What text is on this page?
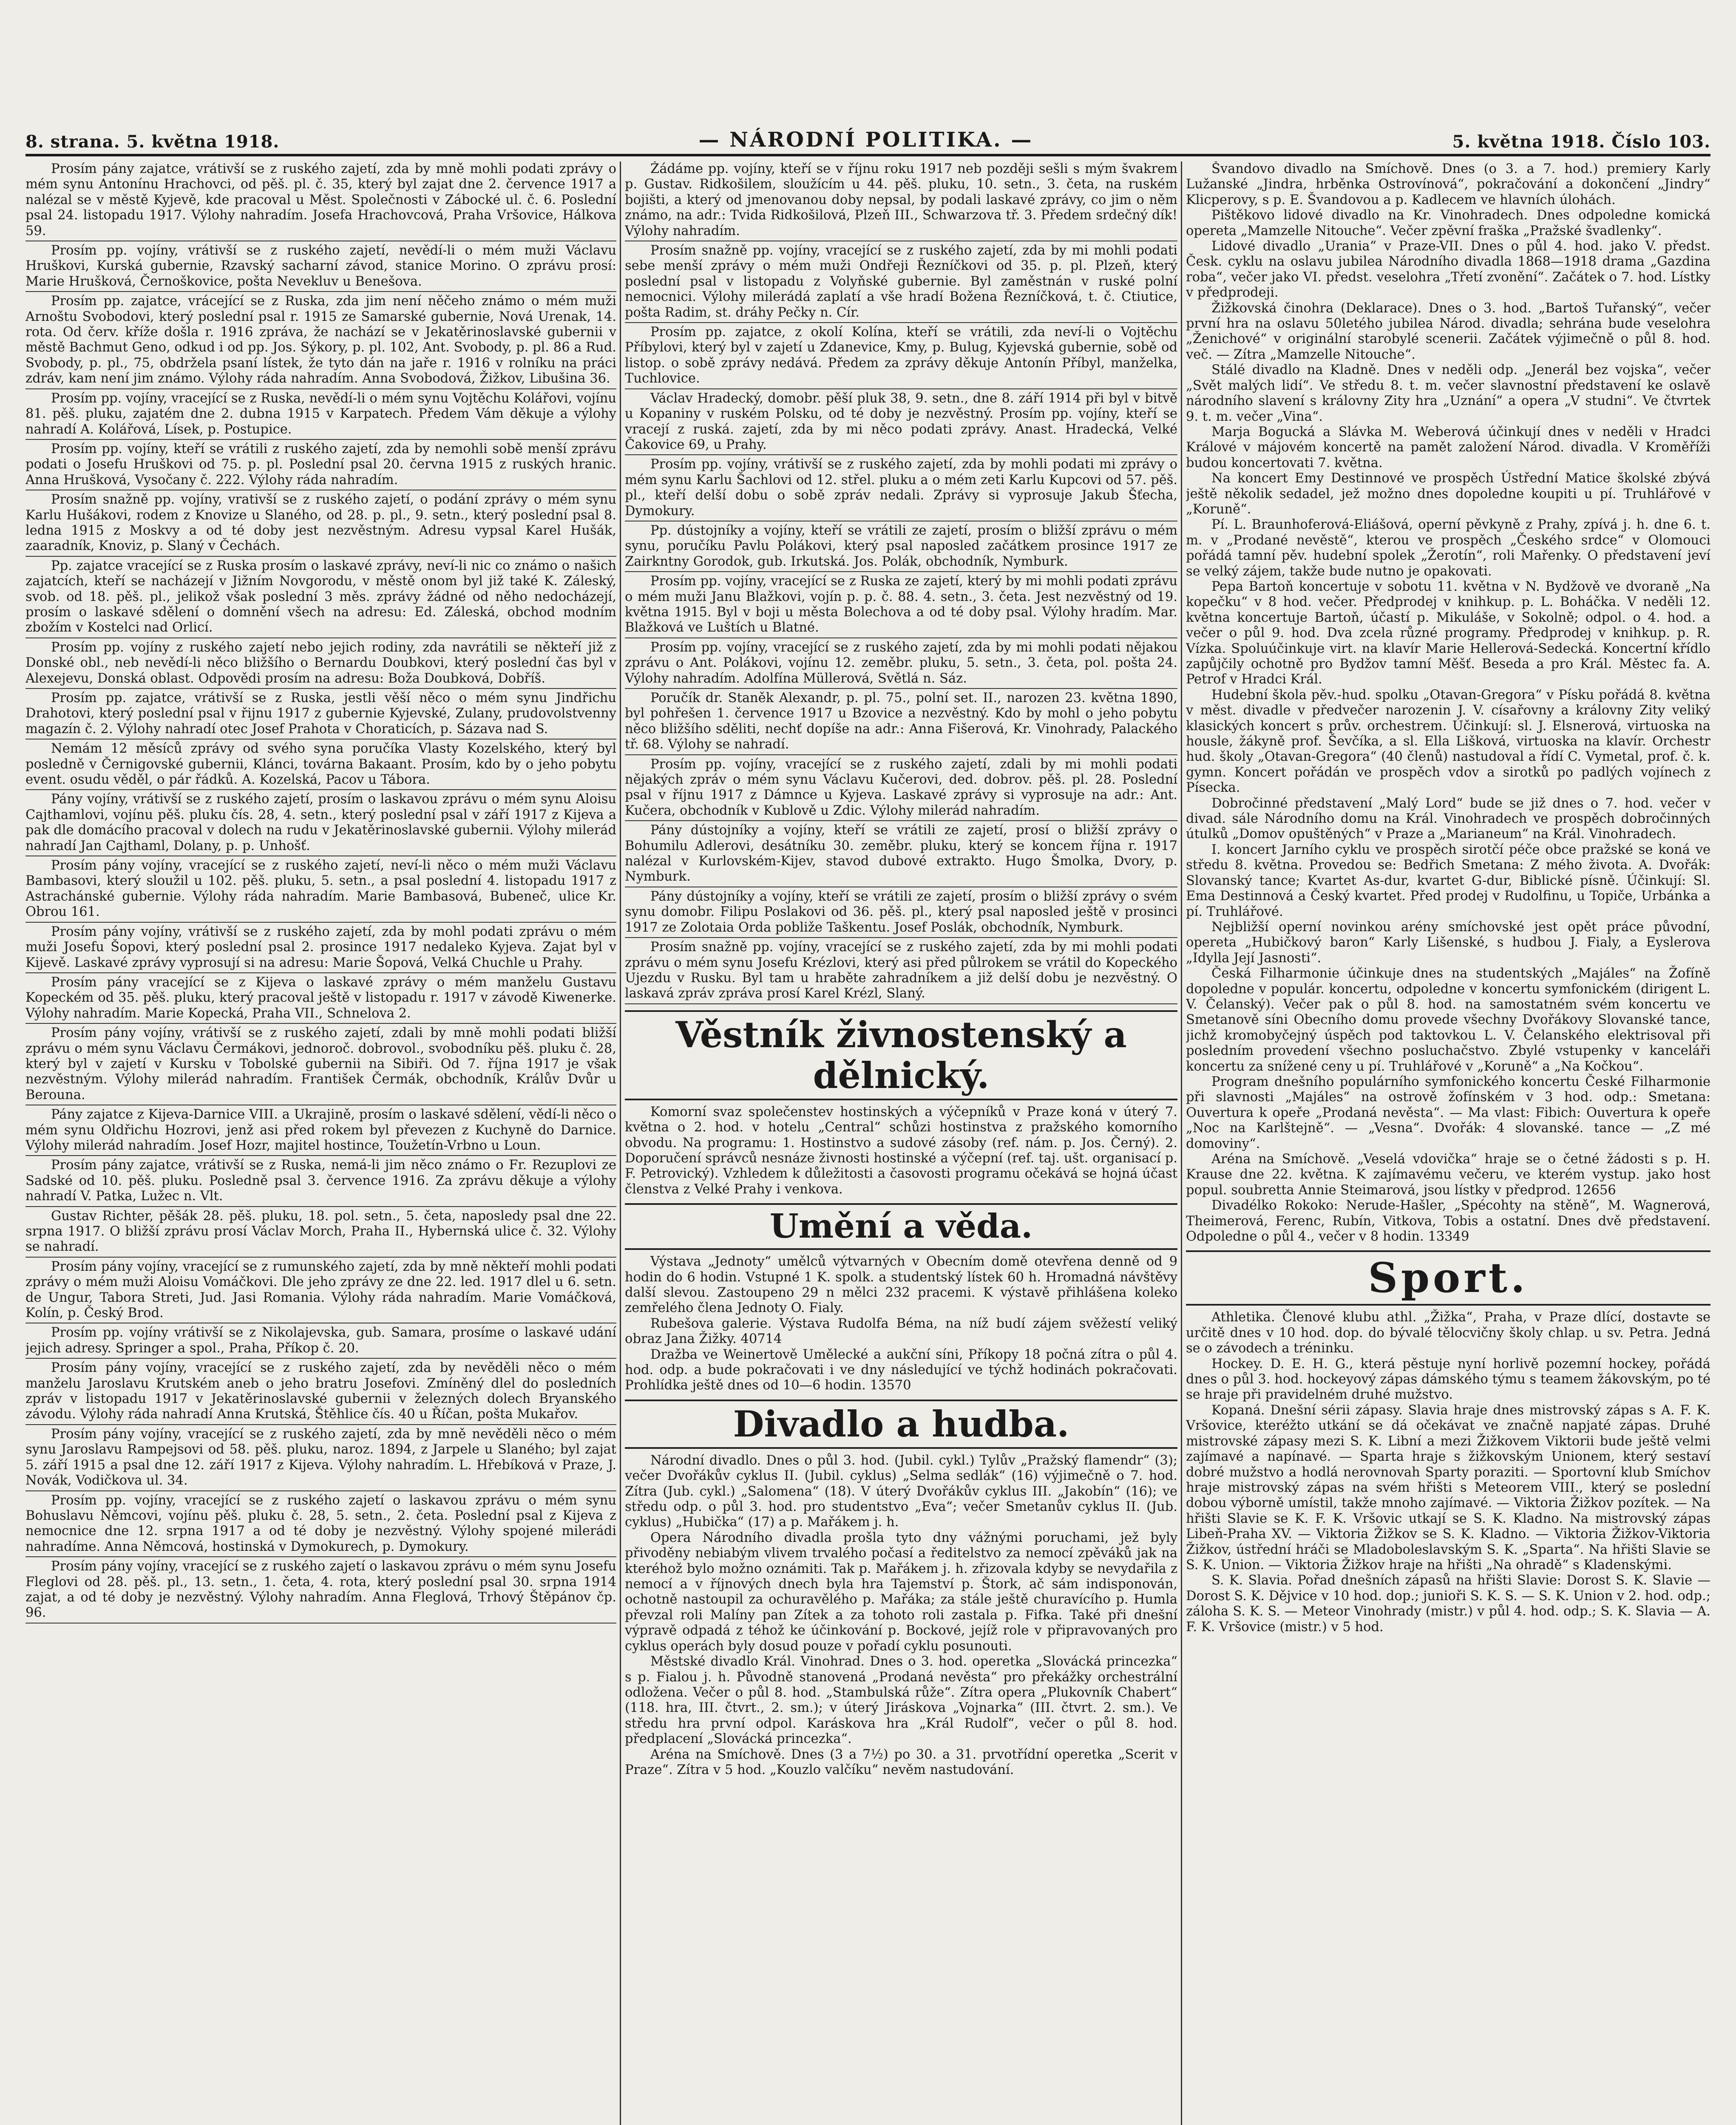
8. strana. 5. května 1918.	— NÁRODNÍ POLITIKA. —	5. května 1918. Číslo 103.

Prosím pány zajatce, vrátivší se z ruského zajetí, zda by mně mohli podati zprávy o mém synu Antonínu Hrachovci, od pěš. pl. č. 35, který byl zajat dne 2. července 1917 a nalézal se v městě Kyjevě, kde pracoval u Měst. Společnosti v Zábocké ul. č. 6. Poslední psal 24. listopadu 1917. Výlohy nahradím. Josefa Hrachovcová, Praha Vršovice, Hálkova 59.

Prosím pp. vojíny, vrátivší se z ruského zajetí, nevědí-li o mém muži Václavu Hruškovi, Kurská gubernie, Rzavský sacharní závod, stanice Morino. O zprávu prosí: Marie Hrušková, Černoškovice, pošta Nevekluv u Benešova.

Prosím pp. zajatce, vrácející se z Ruska, zda jim není něčeho známo o mém muži Arnoštu Svobodovi, který poslední psal r. 1915 ze Samarské gubernie, Nová Urenak, 14. rota. Od červ. kříže došla r. 1916 zpráva, že nachází se v Jekatěrinoslavské gubernii v městě Bachmut Geno, odkud i od pp. Jos. Sýkory, p. pl. 102, Ant. Svobody, p. pl. 86 a Rud. Svobody, p. pl., 75, obdržela psaní lístek, že tyto dán na jaře r. 1916 v rolníku na práci zdráv, kam není jim známo. Výlohy ráda nahradím. Anna Svobodová, Žižkov, Libušina 36.

Prosím pp. vojíny, vracející se z Ruska, nevědí-li o mém synu Vojtěchu Kolářovi, vojínu 81. pěš. pluku, zajatém dne 2. dubna 1915 v Karpatech. Předem Vám děkuje a výlohy nahradí A. Kolářová, Lísek, p. Postupice.

Prosím pp. vojíny, kteří se vrátili z ruského zajetí, zda by nemohli sobě menší zprávu podati o Josefu Hruškovi od 75. p. pl. Poslední psal 20. června 1915 z ruských hranic. Anna Hrušková, Vysočany č. 222. Výlohy ráda nahradím.

Prosím snažně pp. vojíny, vrativší se z ruského zajetí, o podání zprávy o mém synu Karlu Hušákovi, rodem z Knovize u Slaného, od 28. p. pl., 9. setn., který poslední psal 8. ledna 1915 z Moskvy a od té doby jest nezvěstným. Adresu vypsal Karel Hušák, zaaradník, Knoviz, p. Slaný v Čechách.

Pp. zajatce vracející se z Ruska prosím o laskavé zprávy, neví-li nic co známo o našich zajatcích, kteří se nacházejí v Jižním Novgorodu, v městě onom byl již také K. Záleský, svob. od 18. pěš. pl., jelikož však poslední 3 měs. zprávy žádné od něho nedocházejí, prosím o laskavé sdělení o domnění všech na adresu: Ed. Záleská, obchod modním zbožím v Kostelci nad Orlicí.

Prosím pp. vojíny z ruského zajetí nebo jejich rodiny, zda navrátili se někteří již z Donské obl., neb nevědí-li něco bližšího o Bernardu Doubkovi, který poslední čas byl v Alexejevu, Donská oblast. Odpovědi prosím na adresu: Boža Doubková, Dobříš.

Prosím pp. zajatce, vrátivší se z Ruska, jestli věší něco o mém synu Jindřichu Drahotovi, který poslední psal v řijnu 1917 z gubernie Kyjevské, Zulany, prudovolstvenny magazín č. 2. Výlohy nahradí otec Josef Prahota v Choraticích, p. Sázava nad S.

Nemám 12 měsíců zprávy od svého syna poručíka Vlasty Kozelského, který byl posledně v Černigovské gubernii, Klánci, továrna Bakaant. Prosím, kdo by o jeho pobytu event. osudu věděl, o pár řádků. A. Kozelská, Pacov u Tábora.

Pány vojíny, vrátivší se z ruského zajetí, prosím o laskavou zprávu o mém synu Aloisu Cajthamlovi, vojínu pěš. pluku čís. 28, 4. setn., který poslední psal v září 1917 z Kijeva a pak dle domácího pracoval v dolech na rudu v Jekatěrinoslavské gubernii. Výlohy milerád nahradí Jan Cajthaml, Dolany, p. p. Unhošť.

Prosím pány vojíny, vracející se z ruského zajetí, neví-li něco o mém muži Václavu Bambasovi, který sloužil u 102. pěš. pluku, 5. setn., a psal poslední 4. listopadu 1917 z Astrachánské gubernie. Výlohy ráda nahradím. Marie Bambasová, Bubeneč, ulice Kr. Obrou 161.

Prosím pány vojíny, vrátivší se z ruského zajetí, zda by mohl podati zprávu o mém muži Josefu Šopovi, který poslední psal 2. prosince 1917 nedaleko Kyjeva. Zajat byl v Kijevě. Laskavé zprávy vyprosují si na adresu: Marie Šopová, Velká Chuchle u Prahy.

Prosím pány vracející se z Kijeva o laskavé zprávy o mém manželu Gustavu Kopeckém od 35. pěš. pluku, který pracoval ještě v listopadu r. 1917 v závodě Kiwenerke. Výlohy nahradím. Marie Kopecká, Praha VII., Schnelova 2.

Prosím pány vojíny, vrátivší se z ruského zajetí, zdali by mně mohli podati bližší zprávu o mém synu Václavu Čermákovi, jednoroč. dobrovol., svobodníku pěš. pluku č. 28, který byl v zajetí v Kursku v Tobolské gubernii na Sibiři. Od 7. října 1917 je však nezvěstným. Výlohy milerád nahradím. František Čermák, obchodník, Králův Dvůr u Berouna.

Pány zajatce z Kijeva-Darnice VIII. a Ukrajině, prosím o laskavé sdělení, vědí-li něco o mém synu Oldřichu Hozrovi, jenž asi před rokem byl převezen z Kuchyně do Darnice. Výlohy milerád nahradím. Josef Hozr, majitel hostince, Toužetín-Vrbno u Loun.

Prosím pány zajatce, vrátivší se z Ruska, nemá-li jim něco známo o Fr. Rezuplovi ze Sadské od 10. pěš. pluku. Posledně psal 3. července 1916. Za zprávu děkuje a výlohy nahradí V. Patka, Lužec n. Vlt.

Gustav Richter, pěšák 28. pěš. pluku, 18. pol. setn., 5. četa, naposledy psal dne 22. srpna 1917. O bližší zprávu prosí Václav Morch, Praha II., Hybernská ulice č. 32. Výlohy se nahradí.

Prosím pány vojíny, vracející se z rumunského zajetí, zda by mně někteří mohli podati zprávy o mém muži Aloisu Vomáčkovi. Dle jeho zprávy ze dne 22. led. 1917 dlel u 6. setn. de Ungur, Tabora Streti, Jud. Jasi Romania. Výlohy ráda nahradím. Marie Vomáčková, Kolín, p. Český Brod.

Prosím pp. vojíny vrátivší se z Nikolajevska, gub. Samara, prosíme o laskavé udání jejich adresy. Springer a spol., Praha, Příkop č. 20.

Prosím pány vojíny, vracející se z ruského zajetí, zda by nevěděli něco o mém manželu Jaroslavu Krutském aneb o jeho bratru Josefovi. Zmíněný dlel do posledních zpráv v listopadu 1917 v Jekatěrinoslavské gubernii v železných dolech Bryanského závodu. Výlohy ráda nahradí Anna Krutská, Štěhlice čís. 40 u Říčan, pošta Mukařov.

Prosím pány vojíny, vracející se z ruského zajetí, zda by mně nevěděli něco o mém synu Jaroslavu Rampejsovi od 58. pěš. pluku, naroz. 1894, z Jarpele u Slaného; byl zajat 5. září 1915 a psal dne 12. září 1917 z Kijeva. Výlohy nahradím. L. Hřebíková v Praze, J. Novák, Vodičkova ul. 34.

Prosím pp. vojíny, vracející se z ruského zajetí o laskavou zprávu o mém synu Bohuslavu Němcovi, vojínu pěš. pluku č. 28, 5. setn., 2. četa. Poslední psal z Kijeva z nemocnice dne 12. srpna 1917 a od té doby je nezvěstný. Výlohy spojené milerádi nahradíme. Anna Němcová, hostinská v Dymokurech, p. Dymokury.

Prosím pány vojíny, vracející se z ruského zajetí o laskavou zprávu o mém synu Josefu Fleglovi od 28. pěš. pl., 13. setn., 1. četa, 4. rota, který poslední psal 30. srpna 1914 zajat, a od té doby je nezvěstný. Výlohy nahradím. Anna Fleglová, Trhový Štěpánov čp. 96.

Žádáme pp. vojíny, kteří se v říjnu roku 1917 neb později sešli s mým švakrem p. Gustav. Ridkošilem, sloužícím u 44. pěš. pluku, 10. setn., 3. četa, na ruském bojišti, a který od jmenovanou doby nepsal, by podali laskavé zprávy, co jim o něm známo, na adr.: Tvida Ridkošilová, Plzeň III., Schwarzova tř. 3. Předem srdečný dík! Výlohy nahradím.

Prosím snažně pp. vojíny, vracející se z ruského zajetí, zda by mi mohli podati sebe menší zprávy o mém muži Ondřeji Řezníčkovi od 35. p. pl. Plzeň, který poslední psal v listopadu z Volyňské gubernie. Byl zaměstnán v ruské polní nemocnici. Výlohy milerádá zaplatí a vše hradí Božena Řezníčková, t. č. Ctiutice, pošta Radim, st. dráhy Pečky n. Cír.

Prosím pp. zajatce, z okolí Kolína, kteří se vrátili, zda neví-li o Vojtěchu Příbylovi, který byl v zajetí u Zdanevice, Kmy, p. Bulug, Kyjevská gubernie, sobě od listop. o sobě zprávy nedává. Předem za zprávy děkuje Antonín Příbyl, manželka, Tuchlovice.

Václav Hradecký, domobr. pěší pluk 38, 9. setn., dne 8. září 1914 při byl v bitvě u Kopaniny v ruském Polsku, od té doby je nezvěstný. Prosím pp. vojíny, kteří se vracejí z ruská. zajetí, zda by mi něco podati zprávy. Anast. Hradecká, Velké Čakovice 69, u Prahy.

Prosím pp. vojíny, vrátivší se z ruského zajetí, zda by mohli podati mi zprávy o mém synu Karlu Šachlovi od 12. střel. pluku a o mém zeti Karlu Kupcovi od 57. pěš. pl., kteří delší dobu o sobě zpráv nedali. Zprávy si vyprosuje Jakub Šťecha, Dymokury.

Pp. dústojníky a vojíny, kteří se vrátili ze zajetí, prosím o bližší zprávu o mém synu, poručíku Pavlu Polákovi, který psal naposled začátkem prosince 1917 ze Zairkntny Gorodok, gub. Irkutská. Jos. Polák, obchodník, Nymburk.

Prosím pp. vojíny, vracející se z Ruska ze zajetí, který by mi mohli podati zprávu o mém muži Janu Blažkovi, vojín p. p. č. 88. 4. setn., 3. četa. Jest nezvěstný od 19. května 1915. Byl v boji u města Bolechova a od té doby psal. Výlohy hradím. Mar. Blažková ve Luštích u Blatné.

Prosím pp. vojíny, vracející se z ruského zajetí, zda by mi mohli podati nějakou zprávu o Ant. Polákovi, vojínu 12. zeměbr. pluku, 5. setn., 3. četa, pol. pošta 24. Výlohy nahradím. Adolfína Müllerová, Světlá n. Sáz.

Poručík dr. Staněk Alexandr, p. pl. 75., polní set. II., narozen 23. května 1890, byl pohřešen 1. července 1917 u Bzovice a nezvěstný. Kdo by mohl o jeho pobytu něco bližšího sděliti, nechť dopíše na adr.: Anna Fišerová, Kr. Vinohrady, Palackého tř. 68. Výlohy se nahradí.

Prosím pp. vojíny, vracející se z ruského zajetí, zdali by mi mohli podati nějakých zpráv o mém synu Václavu Kučerovi, ded. dobrov. pěš. pl. 28. Poslední psal v říjnu 1917 z Dámnce u Kyjeva. Laskavé zprávy si vyprosuje na adr.: Ant. Kučera, obchodník v Kublově u Zdic. Výlohy milerád nahradím.

Pány dústojníky a vojíny, kteří se vrátili ze zajetí, prosí o bližší zprávy o Bohumilu Adlerovi, desátníku 30. zeměbr. pluku, který se koncem října r. 1917 nalézal v Kurlovském-Kijev, stavod dubové extrakto. Hugo Šmolka, Dvory, p. Nymburk.

Pány dústojníky a vojíny, kteří se vrátili ze zajetí, prosím o bližší zprávy o svém synu domobr. Filipu Poslakovi od 36. pěš. pl., který psal naposled ještě v prosinci 1917 ze Zolotaia Orda pobliže Taškentu. Josef Poslák, obchodník, Nymburk.

Prosím snažně pp. vojíny, vracející se z ruského zajetí, zda by mi mohli podati zprávu o mém synu Josefu Krézlovi, který asi před půlrokem se vrátil do Kopeckého Ujezdu v Rusku. Byl tam u hraběte zahradníkem a již delší dobu je nezvěstný. O laskavá zpráv zpráva prosí Karel Krézl, Slaný.

Věstník živnostenský a dělnický.

Komorní svaz společenstev hostinských a výčepníků v Praze koná v úterý 7. května o 2. hod. v hotelu „Central“ schůzi hostinstva z pražského komorního obvodu. Na programu: 1. Hostinstvo a sudové zásoby (ref. nám. p. Jos. Černý). 2. Doporučení správců nesnáze živnosti hostinské a výčepní (ref. taj. ušt. organisací p. F. Petrovický). Vzhledem k důležitosti a časovosti programu očekává se hojná účast členstva z Velké Prahy i venkova.

Umění a věda.

Výstava „Jednoty“ umělců výtvarných v Obecním domě otevřena denně od 9 hodin do 6 hodin. Vstupné 1 K. spolk. a studentský lístek 60 h. Hromadná návštěvy další slevou. Zastoupeno 29 n mělci 232 pracemi. K výstavě přihlášena koleko zemřelého člena Jednoty O. Fialy.

Rubešova galerie. Výstava Rudolfa Béma, na níž budí zájem svěžestí veliký obraz Jana Žižky. 40714

Dražba ve Weinertově Umělecké a aukční síni, Příkopy 18 počná zítra o půl 4. hod. odp. a bude pokračovati i ve dny následující ve týchž hodinách pokračovati. Prohlídka ještě dnes od 10—6 hodin. 13570

Divadlo a hudba.

Národní divadlo. Dnes o půl 3. hod. (Jubil. cykl.) Tylův „Pražský flamendr“ (3); večer Dvořákův cyklus II. (Jubil. cyklus) „Selma sedlák“ (16) výjimečně o 7. hod. Zítra (Jub. cykl.) „Salomena“ (18). V úterý Dvořákův cyklus III. „Jakobín“ (16); ve středu odp. o půl 3. hod. pro studentstvo „Eva“; večer Smetanův cyklus II. (Jub. cyklus) „Hubička“ (17) a p. Mařákem j. h.

Opera Národního divadla prošla tyto dny vážnými poruchami, jež byly přivoděny nebiabým vlivem trvalého počasí a ředitelstvo za nemocí zpěváků jak na kteréhož bylo možno oznámiti. Tak p. Mařákem j. h. zřizovala kdyby se nevydařila z nemocí a v říjnových dnech byla hra Tajemství p. Štork, ač sám indisponován, ochotně nastoupil za ochuravělého p. Mařáka; za stále ještě churavícího p. Humla převzal roli Malíny pan Zítek a za tohoto roli zastala p. Fifka. Také při dnešní výpravě odpadá z téhož ke účinkování p. Bockové, jejíž role v připravovaných pro cyklus operách byly dosud pouze v pořadí cyklu posunouti.

Městské divadlo Král. Vinohrad. Dnes o 3. hod. operetka „Slovácká princezka“ s p. Fialou j. h. Původně stanovená „Prodaná nevěsta“ pro překážky orchestrální odložena. Večer o půl 8. hod. „Stambulská růže“. Zítra opera „Plukovník Chabert“ (118. hra, III. čtvrt., 2. sm.); v úterý Jiráskova „Vojnarka“ (III. čtvrt. 2. sm.). Ve středu hra první odpol. Karáskova hra „Král Rudolf“, večer o půl 8. hod. předplacení „Slovácká princezka“.

Aréna na Smíchově. Dnes (3 a 7½) po 30. a 31. prvotřídní operetka „Scerit v Praze“. Zítra v 5 hod. „Kouzlo valčíku“ nevěm nastudování.

Švandovo divadlo na Smíchově. Dnes (o 3. a 7. hod.) premiery Karly Lužanské „Jindra, hrběnka Ostrovínová“, pokračování a dokončení „Jindry“ Klicperovy, s p. E. Švandovou a p. Kadlecem ve hlavních úlohách.

Pištěkovo lidové divadlo na Kr. Vinohradech. Dnes odpoledne komická opereta „Mamzelle Nitouche“. Večer zpěvní fraška „Pražské švadlenky“.

Lidové divadlo „Urania“ v Praze-VII. Dnes o půl 4. hod. jako V. předst. Česk. cyklu na oslavu jubilea Národního divadla 1868—1918 drama „Gazdina roba“, večer jako VI. předst. veselohra „Třetí zvonění“. Začátek o 7. hod. Lístky v předprodeji.

Žižkovská činohra (Deklarace). Dnes o 3. hod. „Bartoš Tuřanský“, večer první hra na oslavu 50letého jubilea Národ. divadla; sehrána bude veselohra „Ženichové“ v originální starobylé scenerii. Začátek výjimečně o půl 8. hod. več. — Zítra „Mamzelle Nitouche“.

Stálé divadlo na Kladně. Dnes v neděli odp. „Jenerál bez vojska“, večer „Svět malých lidí“. Ve středu 8. t. m. večer slavnostní představení ke oslavě národního slavení s královny Zity hra „Uznání“ a opera „V studni“. Ve čtvrtek 9. t. m. večer „Vina“.

Marja Bogucká a Slávka M. Weberová účinkují dnes v neděli v Hradci Králové v májovém koncertě na pamět založení Národ. divadla. V Kroměříži budou koncertovati 7. května.

Na koncert Emy Destinnové ve prospěch Ústřední Matice školské zbývá ještě několik sedadel, jež možno dnes dopoledne koupiti u pí. Truhlářové v „Koruně“.

Pí. L. Braunhoferová-Eliášová, operní pěvkyně z Prahy, zpívá j. h. dne 6. t. m. v „Prodané nevěstě“, kterou ve prospěch „Českého srdce“ v Olomouci pořádá tamní pěv. hudební spolek „Žerotín“, roli Mařenky. O představení jeví se velký zájem, takže bude nutno je opakovati.

Pepa Bartoň koncertuje v sobotu 11. května v N. Bydžově ve dvoraně „Na kopečku“ v 8 hod. večer. Předprodej v knihkup. p. L. Boháčka. V neděli 12. května koncertuje Bartoň, účastí p. Mikuláše, v Sokolně; odpol. o 4. hod. a večer o půl 9. hod. Dva zcela různé programy. Předprodej v knihkup. p. R. Vízka. Spoluúčinkuje virt. na klavír Marie Hellerová-Sedecká. Koncertní křídlo zapůjčily ochotně pro Bydžov tamní Měšť. Beseda a pro Král. Městec fa. A. Petrof v Hradci Král.

Hudební škola pěv.-hud. spolku „Otavan-Gregora“ v Písku pořádá 8. května v měst. divadle v předvečer narozenin J. V. císařovny a královny Zity veliký klasických koncert s prův. orchestrem. Účinkují: sl. J. Elsnerová, virtuoska na housle, žákyně prof. Ševčíka, a sl. Ella Lišková, virtuoska na klavír. Orchestr hud. školy „Otavan-Gregora“ (40 členů) nastudoval a řídí C. Vymetal, prof. č. k. gymn. Koncert pořádán ve prospěch vdov a sirotků po padlých vojínech z Písecka.

Dobročinné představení „Malý Lord“ bude se již dnes o 7. hod. večer v divad. sále Národního domu na Král. Vinohradech ve prospěch dobročinných útulků „Domov opuštěných“ v Praze a „Marianeum“ na Král. Vinohradech.

I. koncert Jarního cyklu ve prospěch sirotčí péče obce pražské se koná ve středu 8. května. Provedou se: Bedřich Smetana: Z mého života. A. Dvořák: Slovanský tance; Kvartet As-dur, kvartet G-dur, Biblické písně. Účinkují: Sl. Ema Destinnová a Český kvartet. Před prodej v Rudolfinu, u Topiče, Urbánka a pí. Truhlářové.

Nejbližší operní novinkou arény smíchovské jest opět práce původní, opereta „Hubičkový baron“ Karly Lišenské, s hudbou J. Fialy, a Eyslerova „Idylla Její Jasnosti“.

Česká Filharmonie účinkuje dnes na studentských „Majáles“ na Žofíně dopoledne v populár. koncertu, odpoledne v koncertu symfonickém (dirigent L. V. Čelanský). Večer pak o půl 8. hod. na samostatném svém koncertu ve Smetanově síni Obecního domu provede všechny Dvořákovy Slovanské tance, jichž kromobyčejný úspěch pod taktovkou L. V. Čelanského elektrisoval při posledním provedení všechno posluchačstvo. Zbylé vstupenky v kanceláři koncertu za snížené ceny u pí. Truhlářové v „Koruně“ a „Na Kočkou“.

Program dnešního populárního symfonického koncertu České Filharmonie při slavnosti „Majáles“ na ostrově žofínském v 3 hod. odp.: Smetana: Ouvertura k opeře „Prodaná nevěsta“. — Ma vlast: Fibich: Ouvertura k opeře „Noc na Karlštejně“. — „Vesna“. Dvořák: 4 slovanské. tance — „Z mé domoviny“.

Aréna na Smíchově. „Veselá vdovička“ hraje se o četné žádosti s p. H. Krause dne 22. května. K zajímavému večeru, ve kterém vystup. jako host popul. soubretta Annie Steimarová, jsou lístky v předprod. 12656

Divadélko Rokoko: Nerude-Hašler, „Spécohty na stěně“, M. Wagnerová, Theimerová, Ferenc, Rubín, Vitkova, Tobis a ostatní. Dnes dvě představení. Odpoledne o půl 4., večer v 8 hodin. 13349

Sport.

Athletika. Členové klubu athl. „Žižka“, Praha, v Praze dlící, dostavte se určitě dnes v 10 hod. dop. do bývalé tělocvičny školy chlap. u sv. Petra. Jedná se o závodech a tréninku.

Hockey. D. E. H. G., která pěstuje nyní horlivě pozemní hockey, pořádá dnes o půl 3. hod. hockeyový zápas dámského týmu s teamem žákovským, po té se hraje při pravidelném druhé mužstvo.

Kopaná. Dnešní sérii zápasy. Slavia hraje dnes mistrovský zápas s A. F. K. Vršovice, kteréžto utkání se dá očekávat ve značně napjaté zápas. Druhé mistrovské zápasy mezi S. K. Libní a mezi Žižkovem Viktorii bude ještě velmi zajímavé a napínavé. — Sparta hraje s žižkovským Unionem, který sestaví dobré mužstvo a hodlá nerovnovah Sparty poraziti. — Sportovní klub Smíchov hraje mistrovský zápas na svém hřišti s Meteorem VIII., který se poslední dobou výborně umístil, takže mnoho zajímavé. — Viktoria Žižkov pozítek. — Na hřišti Slavie se K. F. K. Vršovic utkají se S. K. Kladno. Na mistrovský zápas Libeň-Praha XV. — Viktoria Žižkov se S. K. Kladno. — Viktoria Žižkov-Viktoria Žižkov, ústřední hráči se Mladoboleslavským S. K. „Sparta“. Na hřišti Slavie se S. K. Union. — Viktoria Žižkov hraje na hřišti „Na ohradě“ s Kladenskými.

S. K. Slavia. Pořad dnešních zápasů na hřišti Slavie: Dorost S. K. Slavie — Dorost S. K. Dějvice v 10 hod. dop.; junioři S. K. S. — S. K. Union v 2. hod. odp.; záloha S. K. S. — Meteor Vinohrady (mistr.) v půl 4. hod. odp.; S. K. Slavia — A. F. K. Vršovice (mistr.) v 5 hod.
